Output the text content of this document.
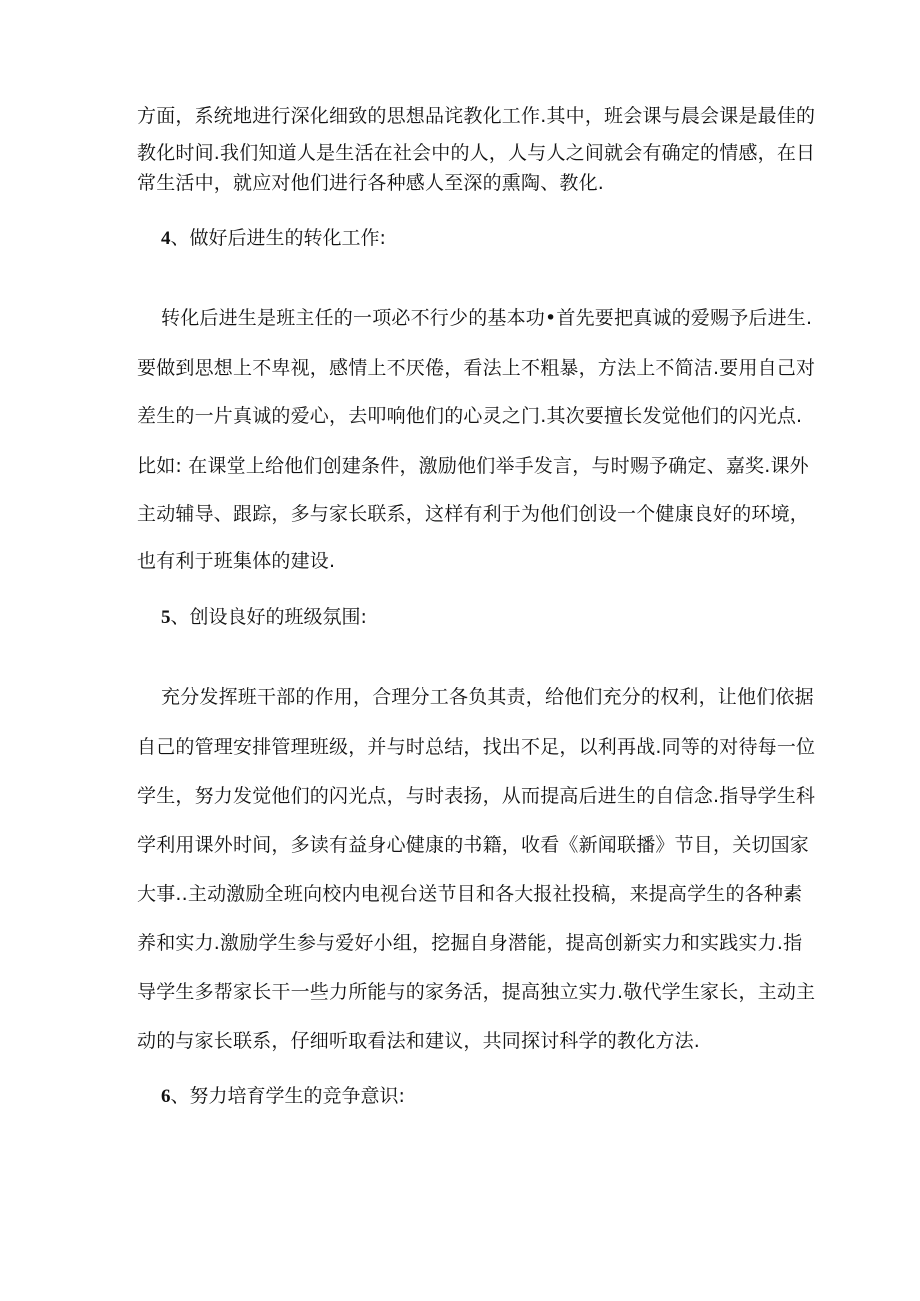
方面，系统地进行深化细致的思想品诧教化工作.其中，班会课与晨会课是最佳的
教化时间.我们知道人是生活在社会中的人，人与人之间就会有确定的情感，在日
常生活中，就应对他们进行各种感人至深的熏陶、教化.
4、做好后进生的转化工作:
转化后进生是班主任的一项必不行少的基本功•首先要把真诚的爱赐予后进生.
要做到思想上不卑视，感情上不厌倦，看法上不粗暴，方法上不简洁.要用自己对
差生的一片真诚的爱心，去叩响他们的心灵之门.其次要擅长发觉他们的闪光点.
比如: 在课堂上给他们创建条件，激励他们举手发言，与时赐予确定、嘉奖.课外
主动辅导、跟踪，多与家长联系，这样有利于为他们创设一个健康良好的环境，
也有利于班集体的建设.
5、创设良好的班级氛围:
充分发挥班干部的作用，合理分工各负其责，给他们充分的权利，让他们依据
自己的管理安排管理班级，并与时总结，找出不足，以利再战.同等的对待每一位
学生，努力发觉他们的闪光点，与时表扬，从而提高后进生的自信念.指导学生科
学利用课外时间，多读有益身心健康的书籍，收看《新闻联播》节目，关切国家
大事..主动激励全班向校内电视台送节目和各大报社投稿，来提高学生的各种素
养和实力.激励学生参与爱好小组，挖掘自身潜能，提高创新实力和实践实力.指
导学生多帮家长干一些力所能与的家务活，提高独立实力.敬代学生家长，主动主
动的与家长联系，仔细听取看法和建议，共同探讨科学的教化方法.
6、努力培育学生的竞争意识:
